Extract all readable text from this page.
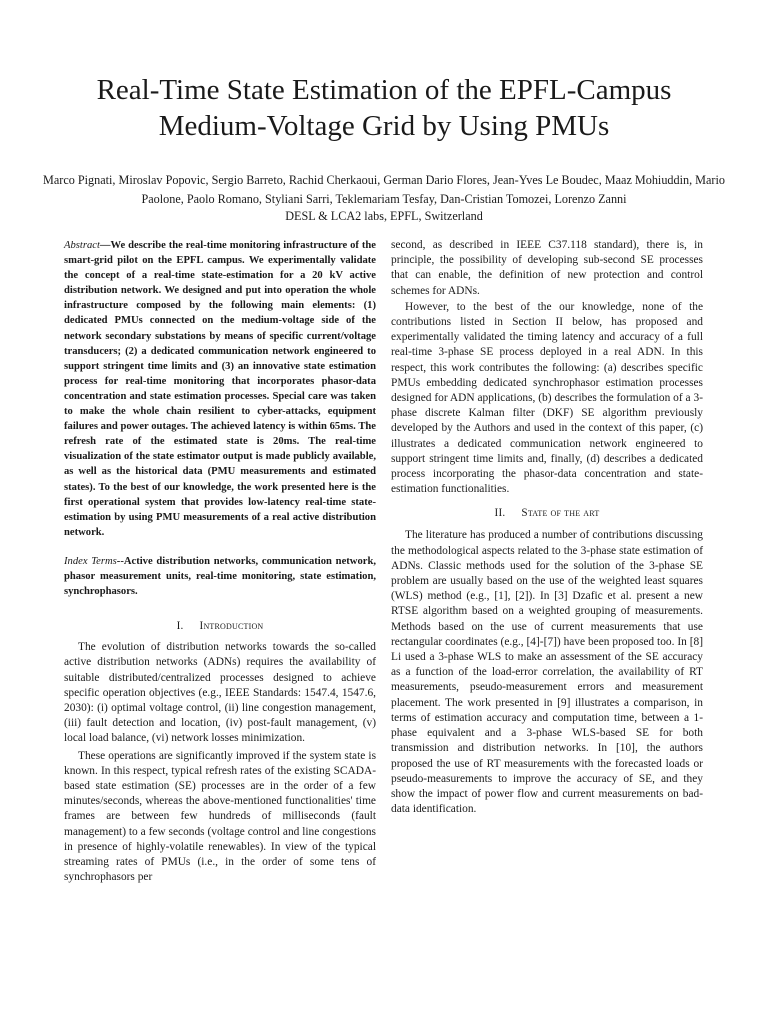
Real-Time State Estimation of the EPFL-Campus Medium-Voltage Grid by Using PMUs
Marco Pignati, Miroslav Popovic, Sergio Barreto, Rachid Cherkaoui, German Dario Flores, Jean-Yves Le Boudec, Maaz Mohiuddin, Mario Paolone, Paolo Romano, Styliani Sarri, Teklemariam Tesfay, Dan-Cristian Tomozei, Lorenzo Zanni
DESL & LCA2 labs, EPFL, Switzerland

Abstract—We describe the real-time monitoring infrastructure of the smart-grid pilot on the EPFL campus. We experimentally validate the concept of a real-time state-estimation for a 20 kV active distribution network. We designed and put into operation the whole infrastructure composed by the following main elements: (1) dedicated PMUs connected on the medium-voltage side of the network secondary substations by means of specific current/voltage transducers; (2) a dedicated communication network engineered to support stringent time limits and (3) an innovative state estimation process for real-time monitoring that incorporates phasor-data concentration and state estimation processes. Special care was taken to make the whole chain resilient to cyber-attacks, equipment failures and power outages. The achieved latency is within 65ms. The refresh rate of the estimated state is 20ms. The real-time visualization of the state estimator output is made publicly available, as well as the historical data (PMU measurements and estimated states). To the best of our knowledge, the work presented here is the first operational system that provides low-latency real-time state-estimation by using PMU measurements of a real active distribution network.

Index Terms--Active distribution networks, communication network, phasor measurement units, real-time monitoring, state estimation, synchrophasors.

I. Introduction

The evolution of distribution networks towards the so-called active distribution networks (ADNs) requires the availability of suitable distributed/centralized processes designed to achieve specific operation objectives (e.g., IEEE Standards: 1547.4, 1547.6, 2030): (i) optimal voltage control, (ii) line congestion management, (iii) fault detection and location, (iv) post-fault management, (v) local load balance, (vi) network losses minimization.

These operations are significantly improved if the system state is known. In this respect, typical refresh rates of the existing SCADA-based state estimation (SE) processes are in the order of a few minutes/seconds, whereas the above-mentioned functionalities' time frames are between few hundreds of milliseconds (fault management) to a few seconds (voltage control and line congestions in presence of highly-volatile renewables). In view of the typical streaming rates of PMUs (i.e., in the order of some tens of synchrophasors per

second, as described in IEEE C37.118 standard), there is, in principle, the possibility of developing sub-second SE processes that can enable, the definition of new protection and control schemes for ADNs.

However, to the best of the our knowledge, none of the contributions listed in Section II below, has proposed and experimentally validated the timing latency and accuracy of a full real-time 3-phase SE process deployed in a real ADN. In this respect, this work contributes the following: (a) describes specific PMUs embedding dedicated synchrophasor estimation processes designed for ADN applications, (b) describes the formulation of a 3-phase discrete Kalman filter (DKF) SE algorithm previously developed by the Authors and used in the context of this paper, (c) illustrates a dedicated communication network engineered to support stringent time limits and, finally, (d) describes a dedicated process incorporating the phasor-data concentration and state-estimation functionalities.

II. State of the art

The literature has produced a number of contributions discussing the methodological aspects related to the 3-phase state estimation of ADNs. Classic methods used for the solution of the 3-phase SE problem are usually based on the use of the weighted least squares (WLS) method (e.g., [1], [2]). In [3] Dzafic et al. present a new RTSE algorithm based on a weighted grouping of measurements. Methods based on the use of current measurements that use rectangular coordinates (e.g., [4]-[7]) have been proposed too. In [8] Li used a 3-phase WLS to make an assessment of the SE accuracy as a function of the load-error correlation, the availability of RT measurements, pseudo-measurement errors and measurement placement. The work presented in [9] illustrates a comparison, in terms of estimation accuracy and computation time, between a 1-phase equivalent and a 3-phase WLS-based SE for both transmission and distribution networks. In [10], the authors proposed the use of RT measurements with the forecasted loads or pseudo-measurements to improve the accuracy of SE, and they show the impact of power flow and current measurements on bad-data identification.
